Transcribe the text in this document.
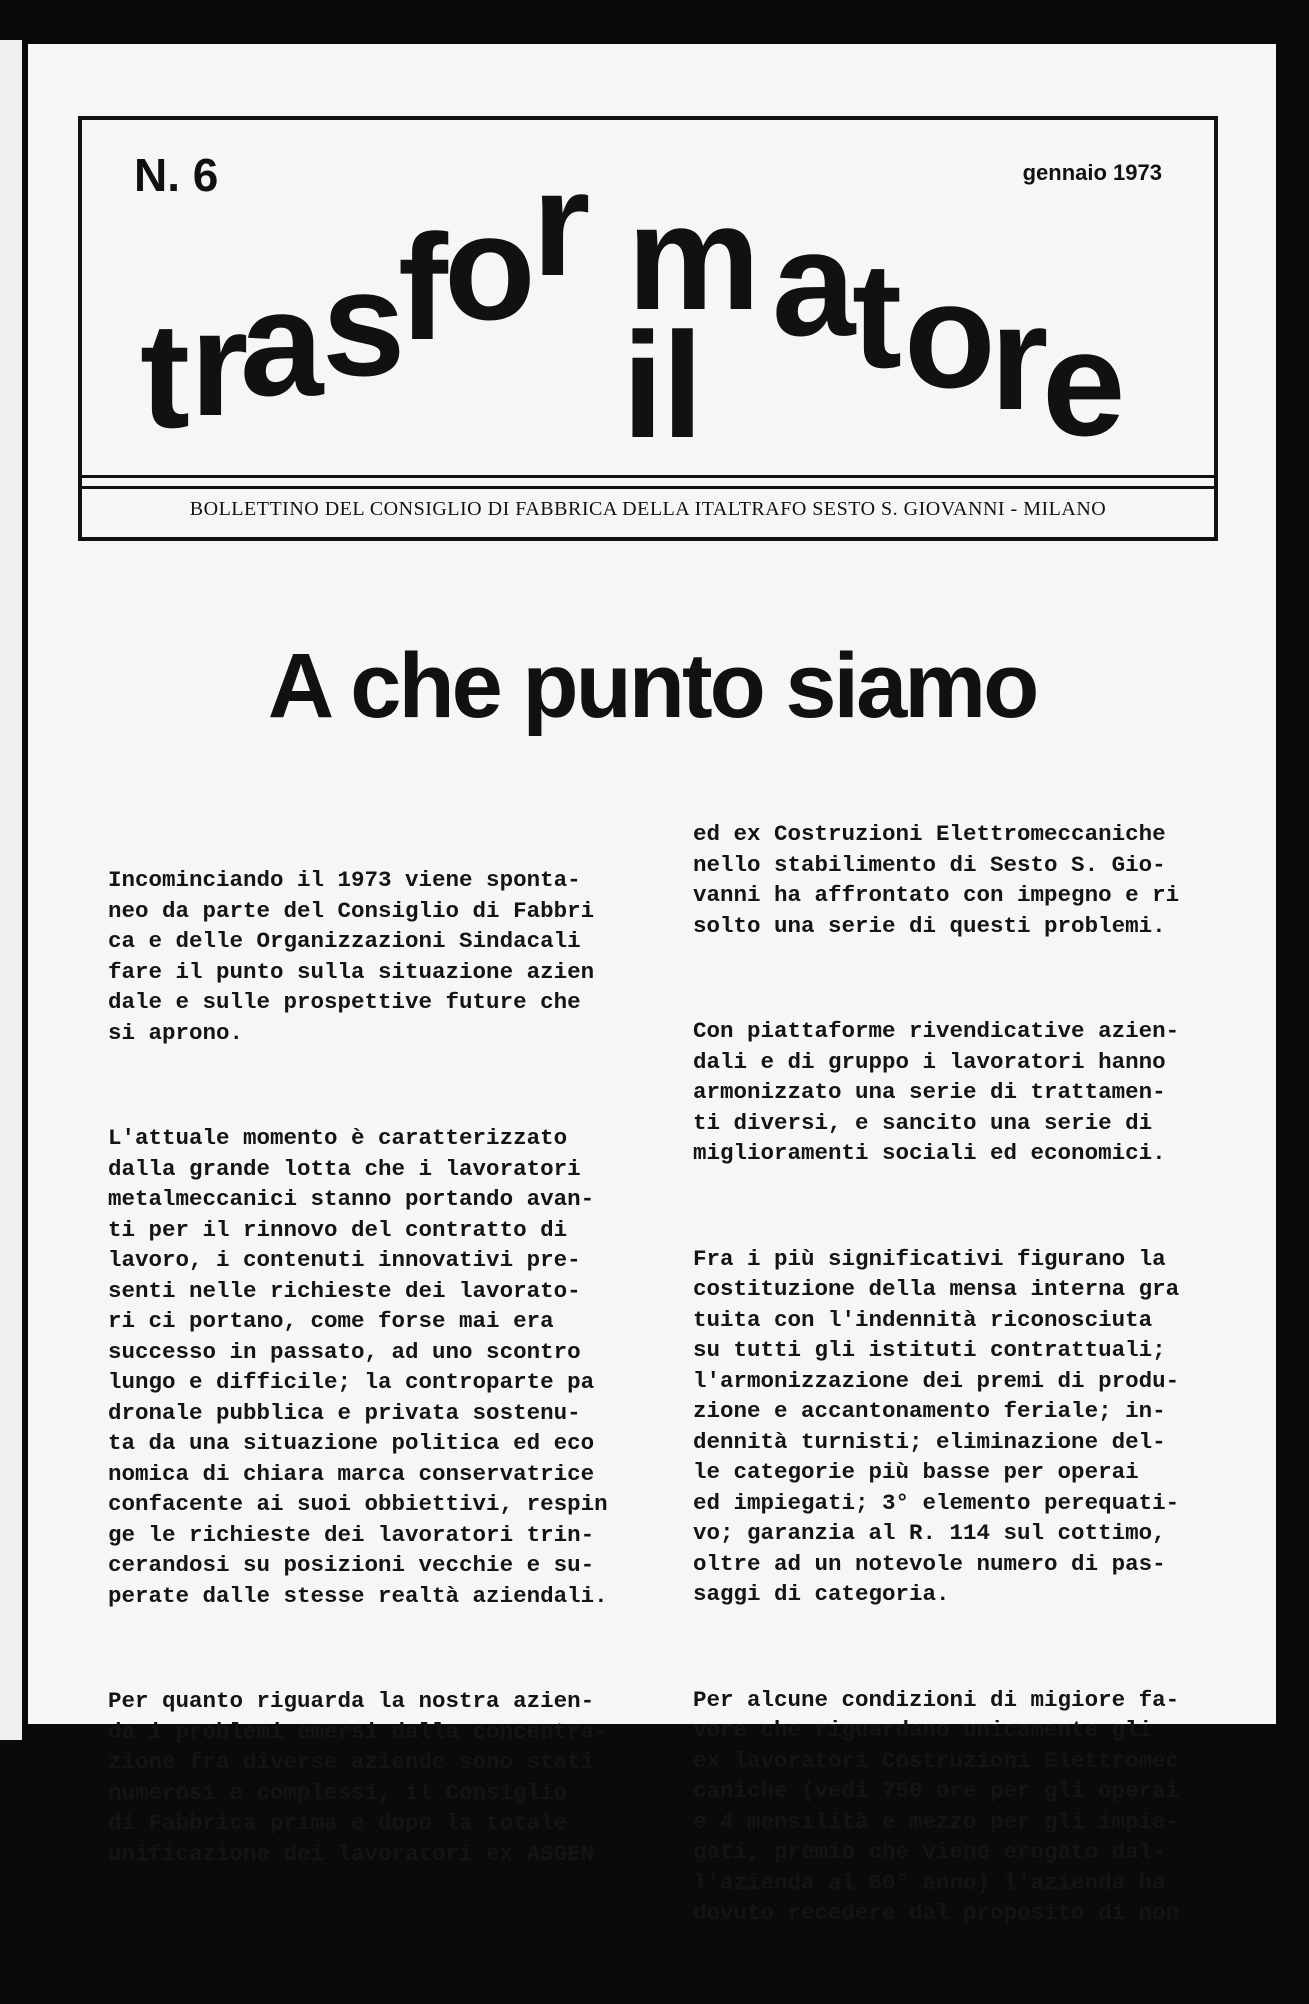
N. 6	gennaio 1973
t r
a s
f o r m a t o
r
e
il
BOLLETTINO DEL CONSIGLIO DI FABBRICA DELLA ITALTRAFO SESTO S. GIOVANNI - MILANO
A che punto siamo

Incominciando il 1973 viene sponta-
neo da parte del Consiglio di Fabbri
ca e delle Organizzazioni Sindacali
fare il punto sulla situazione azien
dale e sulle prospettive future che
si aprono.

L'attuale momento è caratterizzato
dalla grande lotta che i lavoratori
metalmeccanici stanno portando avan-
ti per il rinnovo del contratto di
lavoro, i contenuti innovativi pre-
senti nelle richieste dei lavorato-
ri ci portano, come forse mai era
successo in passato, ad uno scontro
lungo e difficile; la controparte pa
dronale pubblica e privata sostenu-
ta da una situazione politica ed eco
nomica di chiara marca conservatrice
confacente ai suoi obbiettivi, respin
ge le richieste dei lavoratori trin-
cerandosi su posizioni vecchie e su-
perate dalle stesse realtà aziendali.

Per quanto riguarda la nostra azien-
da i problemi emersi dalla concentra-
zione fra diverse aziende sono stati
numerosi e complessi, il Consiglio
di Fabbrica prima e dopo la totale
unificazione dei lavoratori ex ASGEN

ed ex Costruzioni Elettromeccaniche
nello stabilimento di Sesto S. Gio-
vanni ha affrontato con impegno e ri
solto una serie di questi problemi.

Con piattaforme rivendicative azien-
dali e di gruppo i lavoratori hanno
armonizzato una serie di trattamen-
ti diversi, e sancito una serie di
miglioramenti sociali ed economici.

Fra i più significativi figurano la
costituzione della mensa interna gra
tuita con l'indennità riconosciuta
su tutti gli istituti contrattuali;
l'armonizzazione dei premi di produ-
zione e accantonamento feriale; in-
dennità turnisti; eliminazione del-
le categorie più basse per operai
ed impiegati; 3° elemento perequati-
vo; garanzia al R. 114 sul cottimo,
oltre ad un notevole numero di pas-
saggi di categoria.

Per alcune condizioni di migiore fa-
vore che riguardano unicamente gli
ex lavoratori Costruzioni Elettromec
caniche (vedi 750 ore per gli operai
e 4 mensilità e mezzo per gli impie-
gati, premio che viene erogato dal-
l'azienda al 60° anno) l'azienda ha
dovuto recedere dal proposito di non
